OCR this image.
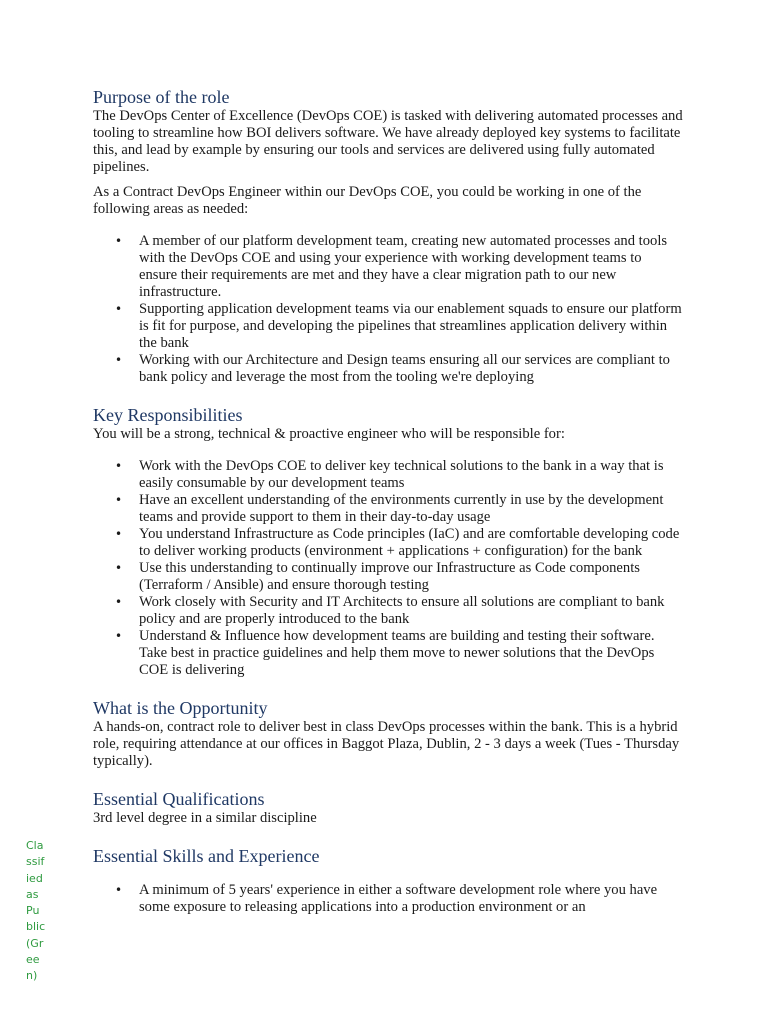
Purpose of the role

The DevOps Center of Excellence (DevOps COE) is tasked with delivering automated processes and tooling to streamline how BOI delivers software. We have already deployed key systems to facilitate this, and lead by example by ensuring our tools and services are delivered using fully automated pipelines.

As a Contract DevOps Engineer within our DevOps COE, you could be working in one of the following areas as needed:

• A member of our platform development team, creating new automated processes and tools with the DevOps COE and using your experience with working development teams to ensure their requirements are met and they have a clear migration path to our new infrastructure.
• Supporting application development teams via our enablement squads to ensure our platform is fit for purpose, and developing the pipelines that streamlines application delivery within the bank
• Working with our Architecture and Design teams ensuring all our services are compliant to bank policy and leverage the most from the tooling we're deploying
Key Responsibilities

You will be a strong, technical & proactive engineer who will be responsible for:

• Work with the DevOps COE to deliver key technical solutions to the bank in a way that is easily consumable by our development teams
• Have an excellent understanding of the environments currently in use by the development teams and provide support to them in their day-to-day usage
• You understand Infrastructure as Code principles (IaC) and are comfortable developing code to deliver working products (environment + applications + configuration) for the bank
• Use this understanding to continually improve our Infrastructure as Code components (Terraform / Ansible) and ensure thorough testing
• Work closely with Security and IT Architects to ensure all solutions are compliant to bank policy and are properly introduced to the bank
• Understand & Influence how development teams are building and testing their software. Take best in practice guidelines and help them move to newer solutions that the DevOps COE is delivering
What is the Opportunity

A hands-on, contract role to deliver best in class DevOps processes within the bank. This is a hybrid role, requiring attendance at our offices in Baggot Plaza, Dublin, 2 - 3 days a week (Tues - Thursday typically).

Essential Qualifications

3rd level degree in a similar discipline

Essential Skills and Experience
• A minimum of 5 years' experience in either a software development role where you have some exposure to releasing applications into a production environment or an
Classified as Public (Green)
